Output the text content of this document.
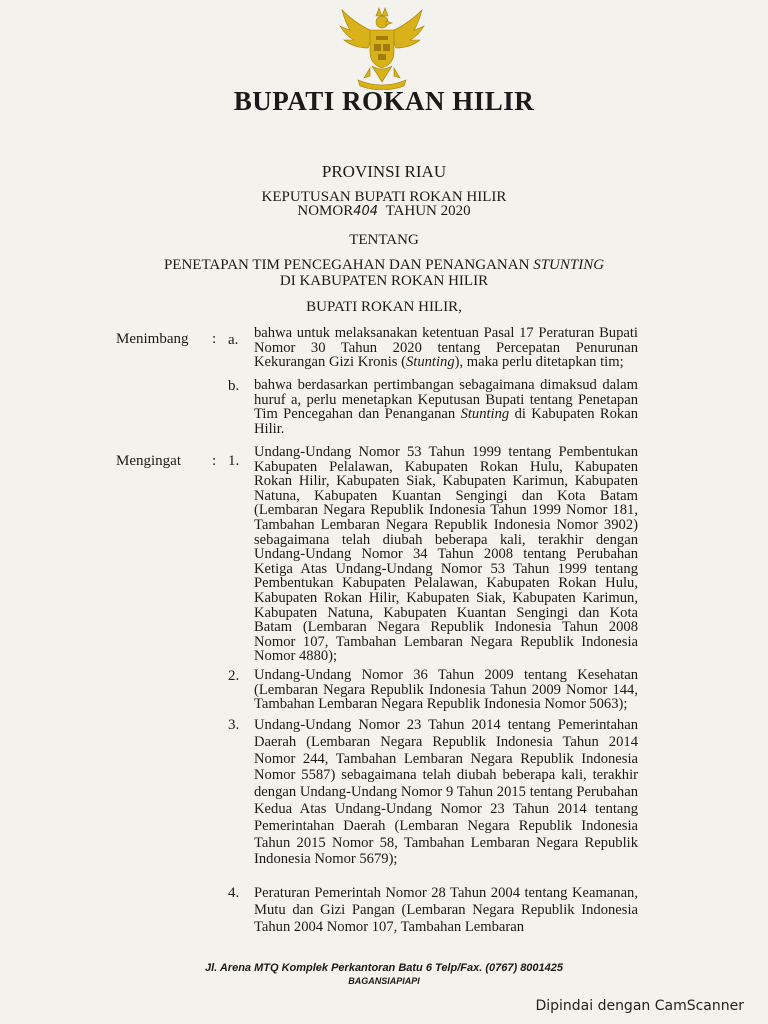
BUPATI ROKAN HILIR
PROVINSI RIAU
KEPUTUSAN BUPATI ROKAN HILIR
NOMOR404 TAHUN 2020
TENTANG
PENETAPAN TIM PENCEGAHAN DAN PENANGANAN STUNTING
DI KABUPATEN ROKAN HILIR
BUPATI ROKAN HILIR,
Menimbang : a. bahwa untuk melaksanakan ketentuan Pasal 17 Peraturan Bupati Nomor 30 Tahun 2020 tentang Percepatan Penurunan Kekurangan Gizi Kronis (Stunting), maka perlu ditetapkan tim;
b. bahwa berdasarkan pertimbangan sebagaimana dimaksud dalam huruf a, perlu menetapkan Keputusan Bupati tentang Penetapan Tim Pencegahan dan Penanganan Stunting di Kabupaten Rokan Hilir.
Mengingat : 1.
Undang-Undang Nomor 53 Tahun 1999 tentang Pembentukan Kabupaten Pelalawan, Kabupaten Rokan Hulu, Kabupaten Rokan Hilir, Kabupaten Siak, Kabupaten Karimun, Kabupaten Natuna, Kabupaten Kuantan Sengingi dan Kota Batam (Lembaran Negara Republik Indonesia Tahun 1999 Nomor 181, Tambahan Lembaran Negara Republik Indonesia Nomor 3902) sebagaimana telah diubah beberapa kali, terakhir dengan Undang-Undang Nomor 34 Tahun 2008 tentang Perubahan Ketiga Atas Undang-Undang Nomor 53 Tahun 1999 tentang Pembentukan Kabupaten Pelalawan, Kabupaten Rokan Hulu, Kabupaten Rokan Hilir, Kabupaten Siak, Kabupaten Karimun, Kabupaten Natuna, Kabupaten Kuantan Sengingi dan Kota Batam (Lembaran Negara Republik Indonesia Tahun 2008 Nomor 107, Tambahan Lembaran Negara Republik Indonesia Nomor 4880);
2. Undang-Undang Nomor 36 Tahun 2009 tentang Kesehatan (Lembaran Negara Republik Indonesia Tahun 2009 Nomor 144, Tambahan Lembaran Negara Republik Indonesia Nomor 5063);
3. Undang-Undang Nomor 23 Tahun 2014 tentang Pemerintahan Daerah (Lembaran Negara Republik Indonesia Tahun 2014 Nomor 244, Tambahan Lembaran Negara Republik Indonesia Nomor 5587) sebagaimana telah diubah beberapa kali, terakhir dengan Undang-Undang Nomor 9 Tahun 2015 tentang Perubahan Kedua Atas Undang-Undang Nomor 23 Tahun 2014 tentang Pemerintahan Daerah (Lembaran Negara Republik Indonesia Tahun 2015 Nomor 58, Tambahan Lembaran Negara Republik Indonesia Nomor 5679);
4. Peraturan Pemerintah Nomor 28 Tahun 2004 tentang Keamanan, Mutu dan Gizi Pangan (Lembaran Negara Republik Indonesia Tahun 2004 Nomor 107, Tambahan Lembaran
Jl. Arena MTQ Komplek Perkantoran Batu 6 Telp/Fax. (0767) 8001425
BAGANSIAPIAPI
Dipindai dengan CamScanner
